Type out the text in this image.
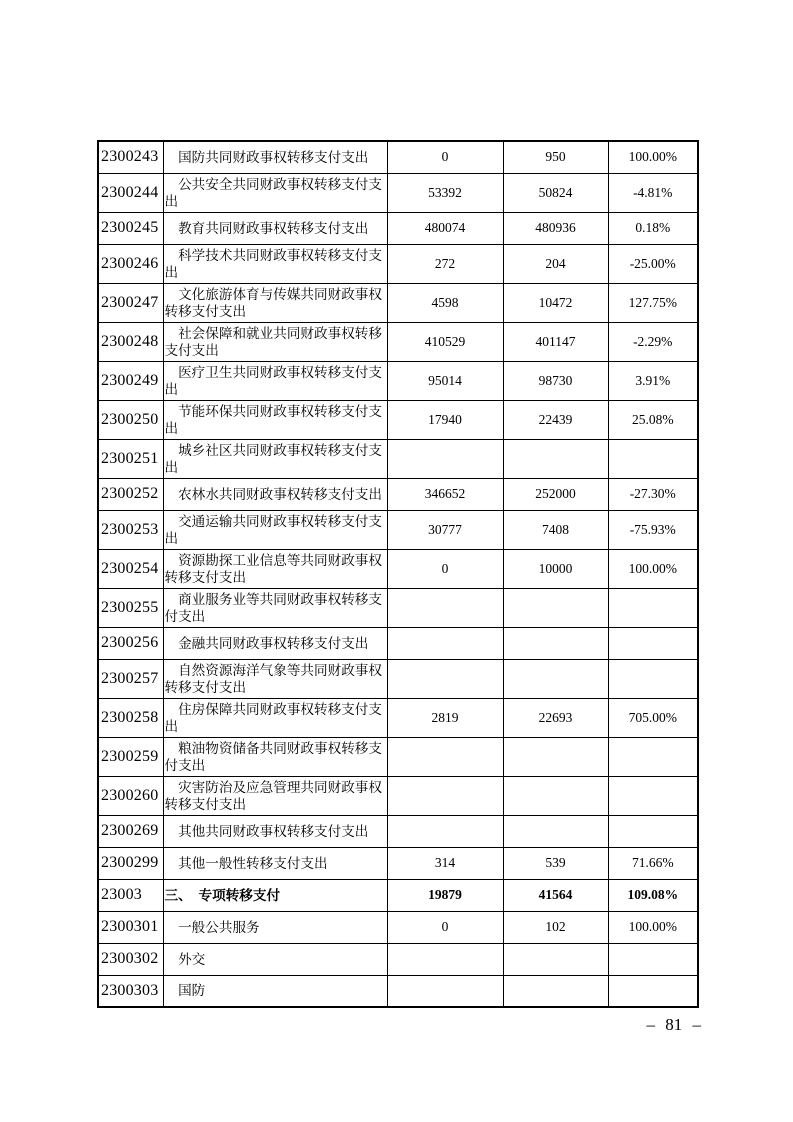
2300243	国防共同财政事权转移支付支出	0	950	100.00%
2300244	公共安全共同财政事权转移支付支出	53392	50824	-4.81%
2300245	教育共同财政事权转移支付支出	480074	480936	0.18%
2300246	科学技术共同财政事权转移支付支出	272	204	-25.00%
2300247	文化旅游体育与传媒共同财政事权转移支付支出	4598	10472	127.75%
2300248	社会保障和就业共同财政事权转移支付支出	410529	401147	-2.29%
2300249	医疗卫生共同财政事权转移支付支出	95014	98730	3.91%
2300250	节能环保共同财政事权转移支付支出	17940	22439	25.08%
2300251	城乡社区共同财政事权转移支付支出			

2300252	农林水共同财政事权转移支付支出	346652	252000	-27.30%
2300253	交通运输共同财政事权转移支付支出	30777	7408	-75.93%
2300254	资源勘探工业信息等共同财政事权转移支付支出	0	10000	100.00%
2300255	商业服务业等共同财政事权转移支付支出			

2300256	金融共同财政事权转移支付支出			

2300257	自然资源海洋气象等共同财政事权转移支付支出			

2300258	住房保障共同财政事权转移支付支出	2819	22693	705.00%
2300259	粮油物资储备共同财政事权转移支付支出			

2300260	灾害防治及应急管理共同财政事权转移支付支出			

2300269	其他共同财政事权转移支付支出			

2300299	其他一般性转移支付支出	314	539	71.66%
23003	三、 专项转移支付	19879	41564	109.08%
2300301	一般公共服务	0	102	100.00%
2300302	外交			

2300303	国防			

– 81 –
